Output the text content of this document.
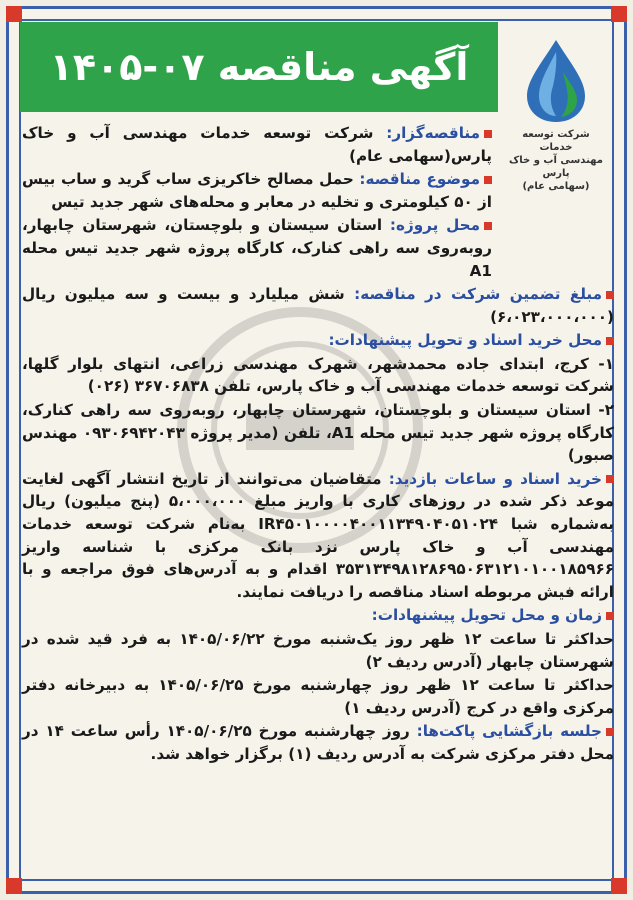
آگهی مناقصه ۰۷-۱۴۰۵
شرکت توسعه خدمات
مهندسی آب و خاک پارس
(سهامی عام)
مناقصه‌گزار: شرکت توسعه خدمات مهندسی آب و خاک پارس(سهامی عام)
موضوع مناقصه: حمل مصالح خاکریزی ساب گرید و ساب بیس از ۵۰ کیلومتری و تخلیه در معابر و محله‌های شهر جدید تیس
محل پروژه: استان سیستان و بلوچستان، شهرستان چابهار، روبه‌روی سه راهی کنارک، کارگاه پروژه شهر جدید تیس محله A1
مبلغ تضمین شرکت در مناقصه: شش میلیارد و بیست و سه میلیون ریال (۶،۰۲۳،۰۰۰،۰۰۰)
محل خرید اسناد و تحویل پیشنهادات:
۱- کرج، ابتدای جاده محمدشهر، شهرک مهندسی زراعی، انتهای بلوار گلها، شرکت توسعه خدمات مهندسی آب و خاک پارس، تلفن ۳۶۷۰۶۸۳۸ (۰۲۶)
۲- استان سیستان و بلوچستان، شهرستان چابهار، روبه‌روی سه راهی کنارک، کارگاه پروژه شهر جدید تیس محله A1، تلفن (مدیر پروژه ۰۹۳۰۶۹۴۲۰۴۳ مهندس صبور)
خرید اسناد و ساعات بازدید: متقاضیان می‌توانند از تاریخ انتشار آگهی لغایت موعد ذکر شده در روزهای کاری با واریز مبلغ ۵،۰۰۰،۰۰۰ (پنج میلیون) ریال به‌شماره شبا IR۴۵۰۱۰۰۰۰۴۰۰۱۱۳۴۹۰۴۰۵۱۰۲۴ به‌نام شرکت توسعه خدمات مهندسی آب و خاک پارس نزد بانک مرکزی با شناسه واریز ۳۵۳۱۳۴۹۸۱۲۸۶۹۵۰۶۳۱۲۱۰۱۰۰۱۸۵۹۶۶ اقدام و به آدرس‌های فوق مراجعه و با ارائه فیش مربوطه اسناد مناقصه را دریافت نمایند.
زمان و محل تحویل پیشنهادات:
حداکثر تا ساعت ۱۲ ظهر روز یک‌شنبه مورخ ۱۴۰۵/۰۶/۲۲ به فرد قید شده در شهرستان چابهار (آدرس ردیف ۲)
حداکثر تا ساعت ۱۲ ظهر روز چهارشنبه مورخ ۱۴۰۵/۰۶/۲۵ به دبیرخانه دفتر مرکزی واقع در کرج (آدرس ردیف ۱)
جلسه بازگشایی پاکت‌ها: روز چهارشنبه مورخ ۱۴۰۵/۰۶/۲۵ رأس ساعت ۱۴ در محل دفتر مرکزی شرکت به آدرس ردیف (۱) برگزار خواهد شد.
